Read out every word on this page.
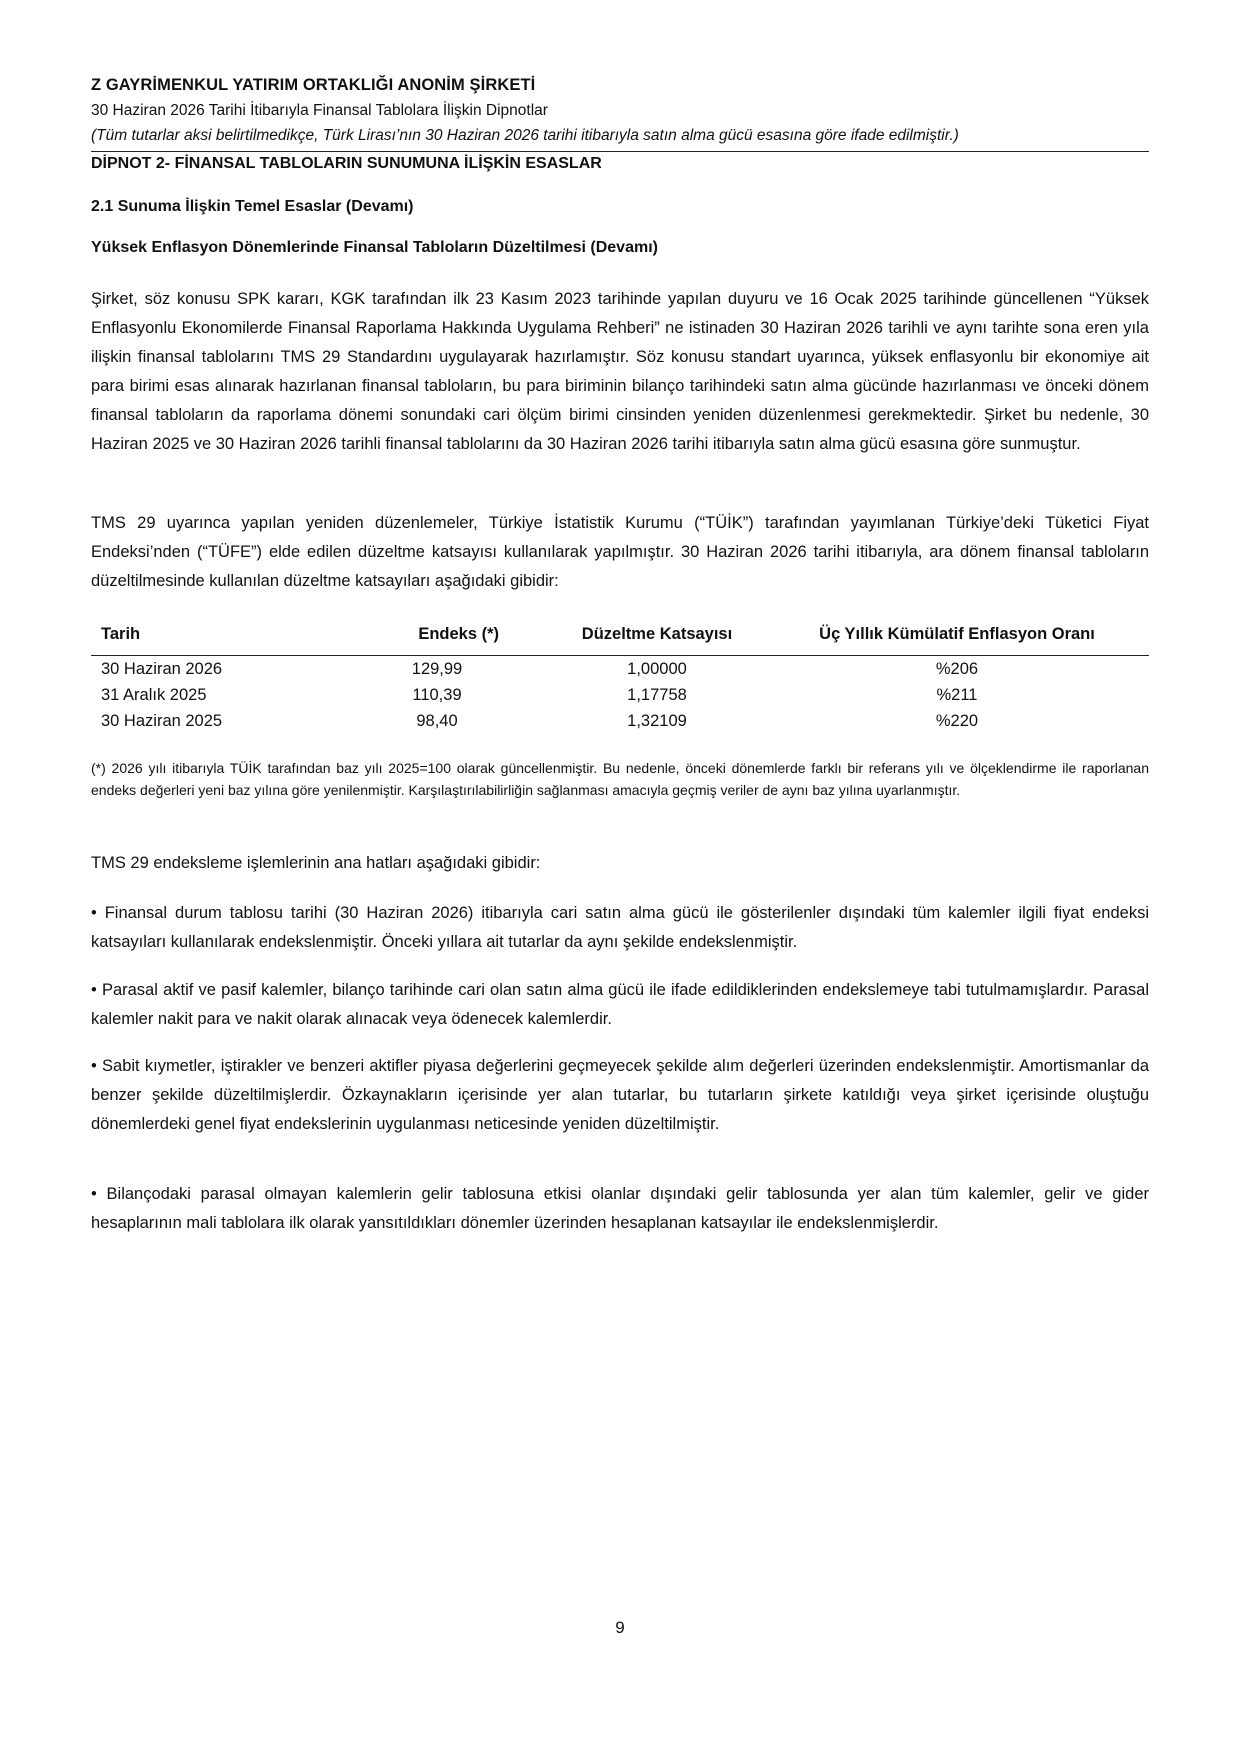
Z GAYRİMENKUL YATIRIM ORTAKLIĞI ANONİM ŞİRKETİ
30 Haziran 2026 Tarihi İtibarıyla Finansal Tablolara İlişkin Dipnotlar
(Tüm tutarlar aksi belirtilmedikçe, Türk Lirası’nın 30 Haziran 2026 tarihi itibarıyla satın alma gücü esasına göre ifade edilmiştir.)
DİPNOT 2- FİNANSAL TABLOLARIN SUNUMUNA İLİŞKİN ESASLAR
2.1 Sunuma İlişkin Temel Esaslar (Devamı)
Yüksek Enflasyon Dönemlerinde Finansal Tabloların Düzeltilmesi (Devamı)
Şirket, söz konusu SPK kararı, KGK tarafından ilk 23 Kasım 2023 tarihinde yapılan duyuru ve 16 Ocak 2025 tarihinde güncellenen “Yüksek Enflasyonlu Ekonomilerde Finansal Raporlama Hakkında Uygulama Rehberi” ne istinaden 30 Haziran 2026 tarihli ve aynı tarihte sona eren yıla ilişkin finansal tablolarını TMS 29 Standardını uygulayarak hazırlamıştır. Söz konusu standart uyarınca, yüksek enflasyonlu bir ekonomiye ait para birimi esas alınarak hazırlanan finansal tabloların, bu para biriminin bilanço tarihindeki satın alma gücünde hazırlanması ve önceki dönem finansal tabloların da raporlama dönemi sonundaki cari ölçüm birimi cinsinden yeniden düzenlenmesi gerekmektedir. Şirket bu nedenle, 30 Haziran 2025 ve 30 Haziran 2026 tarihli finansal tablolarını da 30 Haziran 2026 tarihi itibarıyla satın alma gücü esasına göre sunmuştur.
TMS 29 uyarınca yapılan yeniden düzenlemeler, Türkiye İstatistik Kurumu (“TÜİK”) tarafından yayımlanan Türkiye’deki Tüketici Fiyat Endeksi’nden (“TÜFE”) elde edilen düzeltme katsayısı kullanılarak yapılmıştır. 30 Haziran 2026 tarihi itibarıyla, ara dönem finansal tabloların düzeltilmesinde kullanılan düzeltme katsayıları aşağıdaki gibidir:
Tarih	Endeks (*)	Düzeltme Katsayısı	Üç Yıllık Kümülatif Enflasyon Oranı
30 Haziran 2026	129,99	1,00000	%206
31 Aralık 2025	110,39	1,17758	%211
30 Haziran 2025	98,40	1,32109	%220
(*) 2026 yılı itibarıyla TÜİK tarafından baz yılı 2025=100 olarak güncellenmiştir. Bu nedenle, önceki dönemlerde farklı bir referans yılı ve ölçeklendirme ile raporlanan endeks değerleri yeni baz yılına göre yenilenmiştir. Karşılaştırılabilirliğin sağlanması amacıyla geçmiş veriler de aynı baz yılına uyarlanmıştır.
TMS 29 endeksleme işlemlerinin ana hatları aşağıdaki gibidir:
• Finansal durum tablosu tarihi (30 Haziran 2026) itibarıyla cari satın alma gücü ile gösterilenler dışındaki tüm kalemler ilgili fiyat endeksi katsayıları kullanılarak endekslenmiştir. Önceki yıllara ait tutarlar da aynı şekilde endekslenmiştir.
• Parasal aktif ve pasif kalemler, bilanço tarihinde cari olan satın alma gücü ile ifade edildiklerinden endekslemeye tabi tutulmamışlardır. Parasal kalemler nakit para ve nakit olarak alınacak veya ödenecek kalemlerdir.
• Sabit kıymetler, iştirakler ve benzeri aktifler piyasa değerlerini geçmeyecek şekilde alım değerleri üzerinden endekslenmiştir. Amortismanlar da benzer şekilde düzeltilmişlerdir. Özkaynakların içerisinde yer alan tutarlar, bu tutarların şirkete katıldığı veya şirket içerisinde oluştuğu dönemlerdeki genel fiyat endekslerinin uygulanması neticesinde yeniden düzeltilmiştir.
• Bilançodaki parasal olmayan kalemlerin gelir tablosuna etkisi olanlar dışındaki gelir tablosunda yer alan tüm kalemler, gelir ve gider hesaplarının mali tablolara ilk olarak yansıtıldıkları dönemler üzerinden hesaplanan katsayılar ile endekslenmişlerdir.
9
